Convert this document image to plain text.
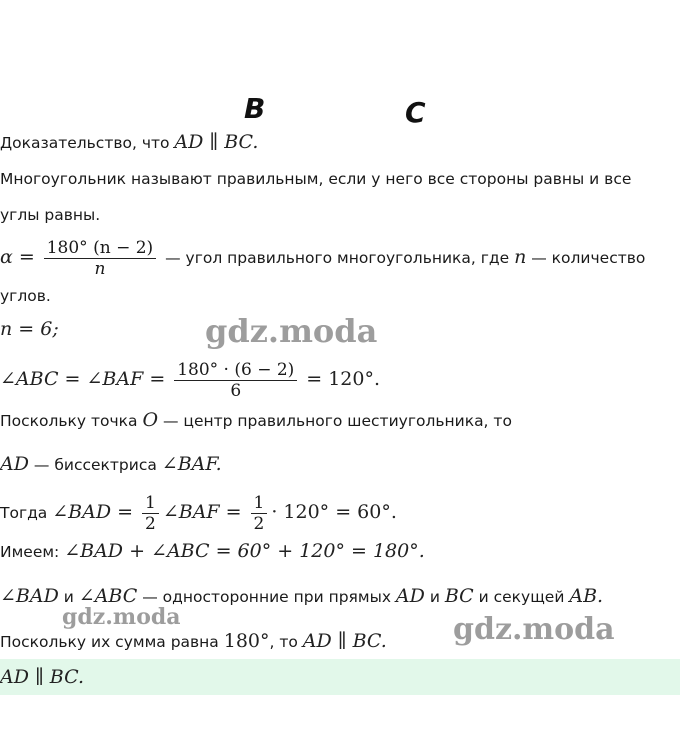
B	C
Доказательство, что AD ∥ BC.
Многоугольник называют правильным, если у него все стороны равны и все
углы равны.
$\alpha = \frac{180^\circ (n - 2)}{n}$ — угол правильного многоугольника, где n — количество
углов.
n = 6;
∠ABC = ∠BAF = $\frac{180^\circ \cdot (6 - 2)}{6} = 120^\circ$.
Поскольку точка O — центр правильного шестиугольника, то
AD — биссектриса ∠BAF.
Тогда ∠BAD = $\frac{1}{2}$ ∠BAF = $\frac{1}{2} \cdot 120^\circ = 60^\circ$.
Имеем: ∠BAD + ∠ABC = 60° + 120° = 180°.
∠BAD и ∠ABC — односторонние при прямых AD и BC и секущей AB.
Поскольку их сумма равна 180°, то AD ∥ BC.
AD ∥ BC.
gdz.moda
gdz.moda	gdz.moda
